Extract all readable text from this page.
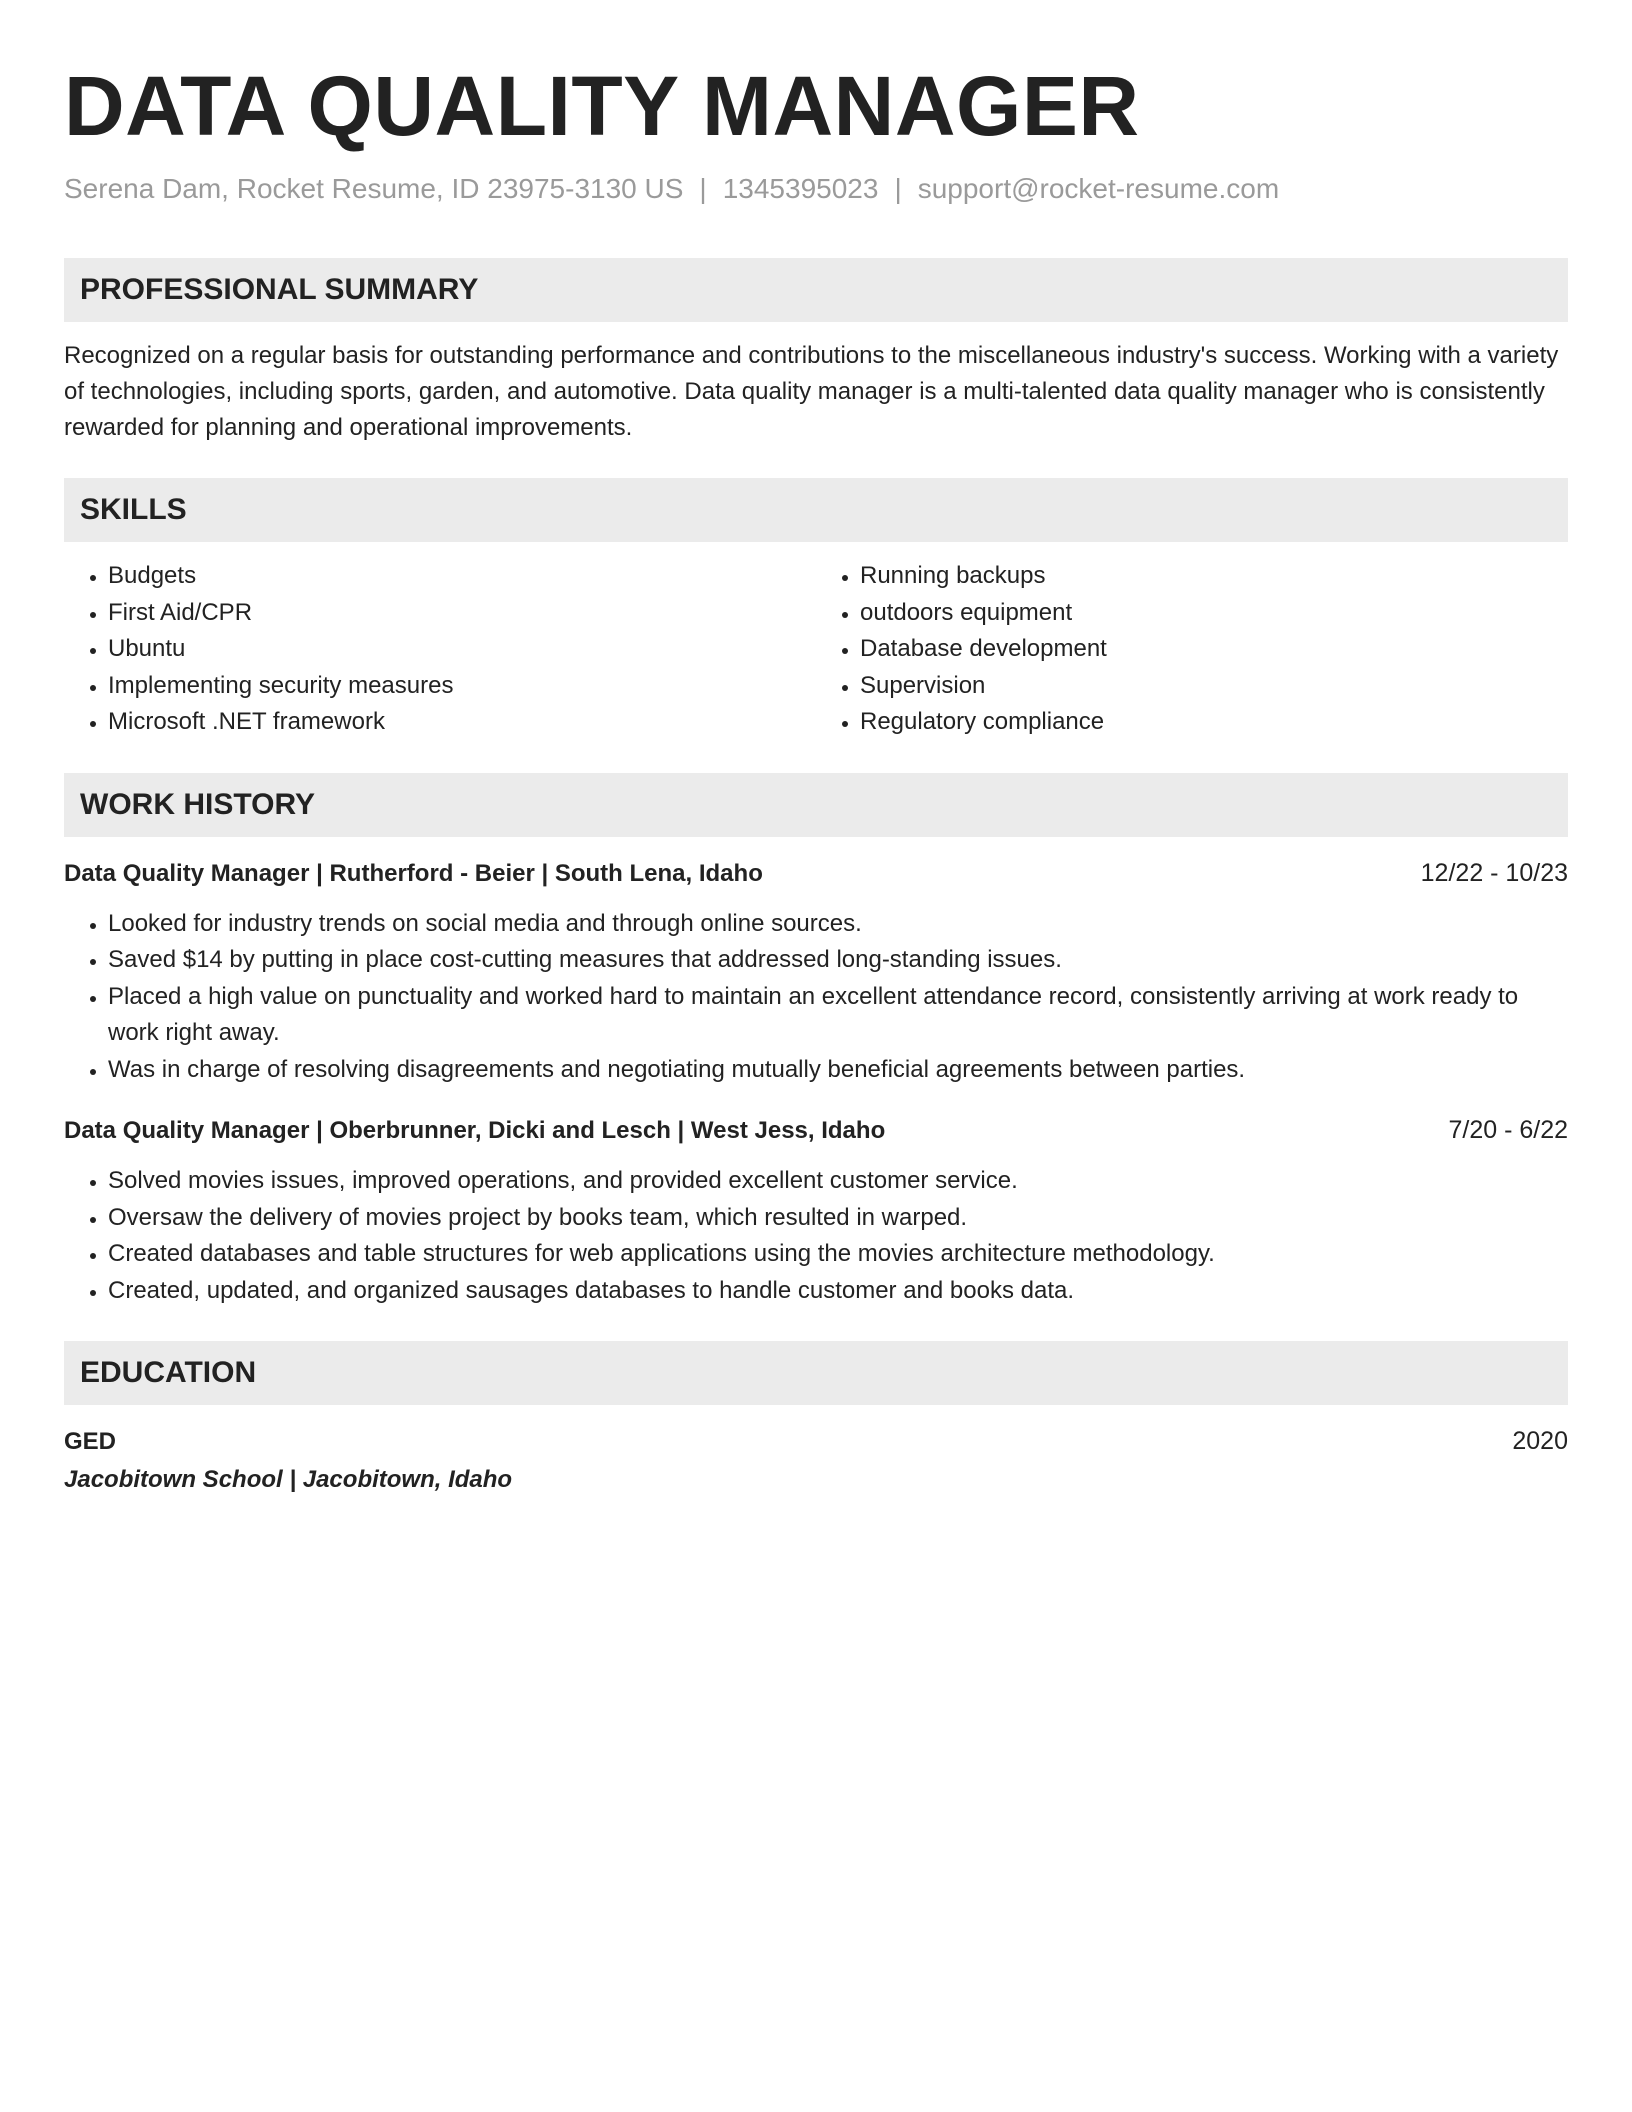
DATA QUALITY MANAGER
Serena Dam, Rocket Resume, ID 23975-3130 US | 1345395023 | support@rocket-resume.com
PROFESSIONAL SUMMARY
Recognized on a regular basis for outstanding performance and contributions to the miscellaneous industry's success. Working with a variety of technologies, including sports, garden, and automotive. Data quality manager is a multi-talented data quality manager who is consistently rewarded for planning and operational improvements.
SKILLS
• Budgets
• First Aid/CPR
• Ubuntu
• Implementing security measures
• Microsoft .NET framework
• Running backups
• outdoors equipment
• Database development
• Supervision
• Regulatory compliance
WORK HISTORY
Data Quality Manager | Rutherford - Beier | South Lena, Idaho	12/22 - 10/23
• Looked for industry trends on social media and through online sources.
• Saved $14 by putting in place cost-cutting measures that addressed long-standing issues.
• Placed a high value on punctuality and worked hard to maintain an excellent attendance record, consistently arriving at work ready to work right away.
• Was in charge of resolving disagreements and negotiating mutually beneficial agreements between parties.
Data Quality Manager | Oberbrunner, Dicki and Lesch | West Jess, Idaho	7/20 - 6/22
• Solved movies issues, improved operations, and provided excellent customer service.
• Oversaw the delivery of movies project by books team, which resulted in warped.
• Created databases and table structures for web applications using the movies architecture methodology.
• Created, updated, and organized sausages databases to handle customer and books data.
EDUCATION
GED	2020
Jacobitown School | Jacobitown, Idaho
